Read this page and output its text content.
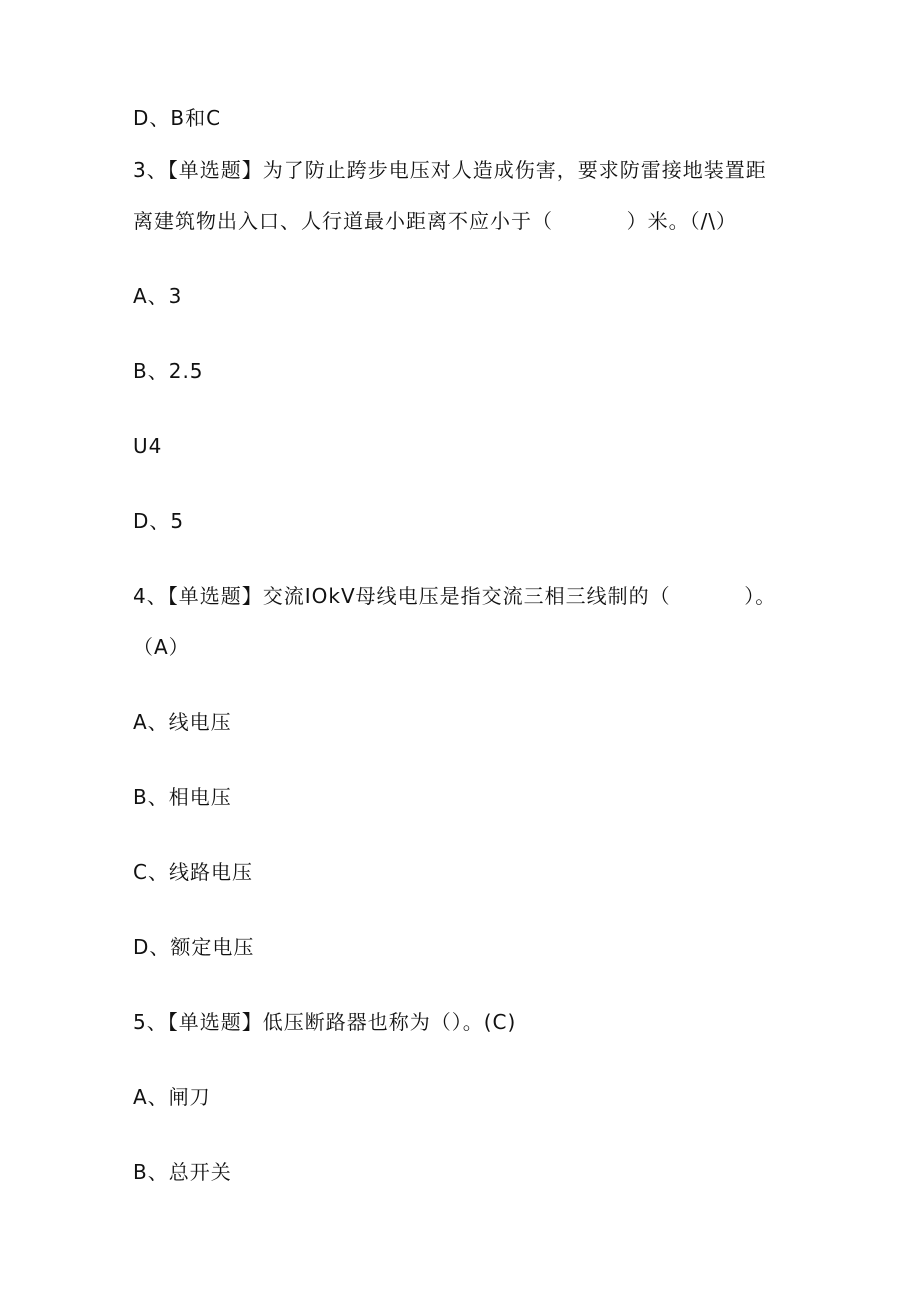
D、B和C
3、【单选题】为了防止跨步电压对人造成伤害，要求防雷接地装置距
离建筑物出入口、人行道最小距离不应小于（          ）米。（/\）
A、3
B、2.5
U4
D、5
4、【单选题】交流IOkV母线电压是指交流三相三线制的（          ）。
（A）
A、线电压
B、相电压
C、线路电压
D、额定电压
5、【单选题】低压断路器也称为（）。(C)
A、闸刀
B、总开关
